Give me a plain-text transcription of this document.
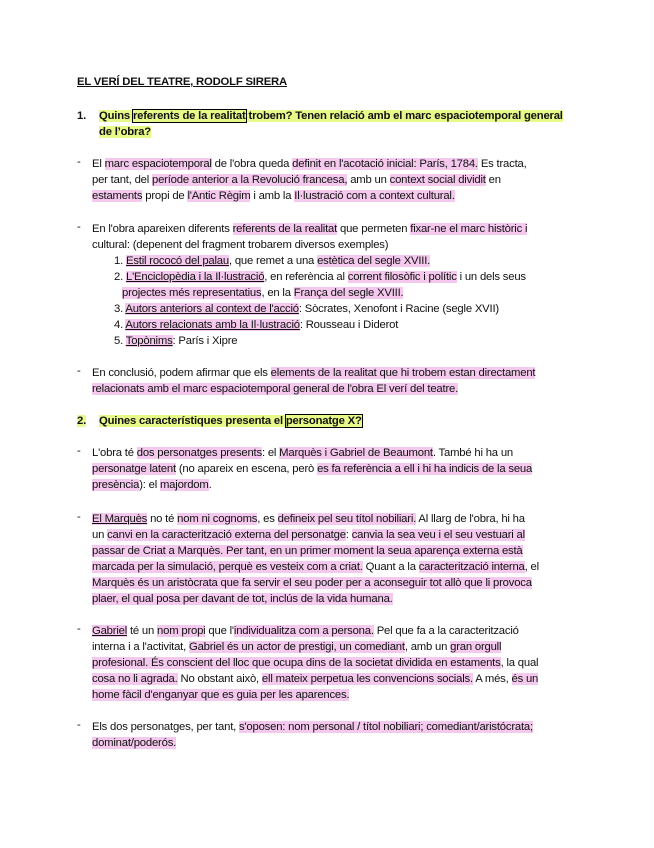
EL VERÍ DEL TEATRE, RODOLF SIRERA
1. Quins referents de la realitat trobem? Tenen relació amb el marc espaciotemporal general
de l’obra?
- El marc espaciotemporal de l'obra queda definit en l'acotació inicial: París, 1784. Es tracta,
per tant, del període anterior a la Revolució francesa, amb un context social dividit en
estaments propi de l'Antic Règim i amb la Il·lustració com a context cultural.
- En l'obra apareixen diferents referents de la realitat que permeten fixar-ne el marc històric i
cultural: (depenent del fragment trobarem diversos exemples)
1. Estil rococó del palau, que remet a una estètica del segle XVIII.
2. L'Enciclopèdia i la Il·lustració, en referència al corrent filosòfic i polític i un dels seus
projectes més representatius, en la França del segle XVIII.
3. Autors anteriors al context de l'acció: Sòcrates, Xenofont i Racine (segle XVII)
4. Autors relacionats amb la Il·lustració: Rousseau i Diderot
5. Topònims: París i Xipre
- En conclusió, podem afirmar que els elements de la realitat que hi trobem estan directament
relacionats amb el marc espaciotemporal general de l'obra El verí del teatre.
2. Quines característiques presenta el personatge X?
- L'obra té dos personatges presents: el Marquès i Gabriel de Beaumont. També hi ha un
personatge latent (no apareix en escena, però es fa referència a ell i hi ha indicis de la seua
presència): el majordom.
- El Marquès no té nom ni cognoms, es defineix pel seu títol nobiliari. Al llarg de l'obra, hi ha
un canvi en la caracterització externa del personatge: canvia la sea veu i el seu vestuari al
passar de Criat a Marquès. Per tant, en un primer moment la seua aparença externa està
marcada per la simulació, perquè es vesteix com a criat. Quant a la caracterització interna, el
Marquès és un aristòcrata que fa servir el seu poder per a aconseguir tot allò que li provoca
plaer, el qual posa per davant de tot, inclús de la vida humana.
- Gabriel té un nom propi que l'individualitza com a persona. Pel que fa a la caracterització
interna i a l'activitat, Gabriel és un actor de prestigi, un comediant, amb un gran orgull
profesional. És conscient del lloc que ocupa dins de la societat dividida en estaments, la qual
cosa no li agrada. No obstant això, ell mateix perpetua les convencions socials. A més, és un
home fàcil d'enganyar que es guia per les aparences.
- Els dos personatges, per tant, s'oposen: nom personal / títol nobiliari; comediant/aristócrata;
dominat/poderós.
